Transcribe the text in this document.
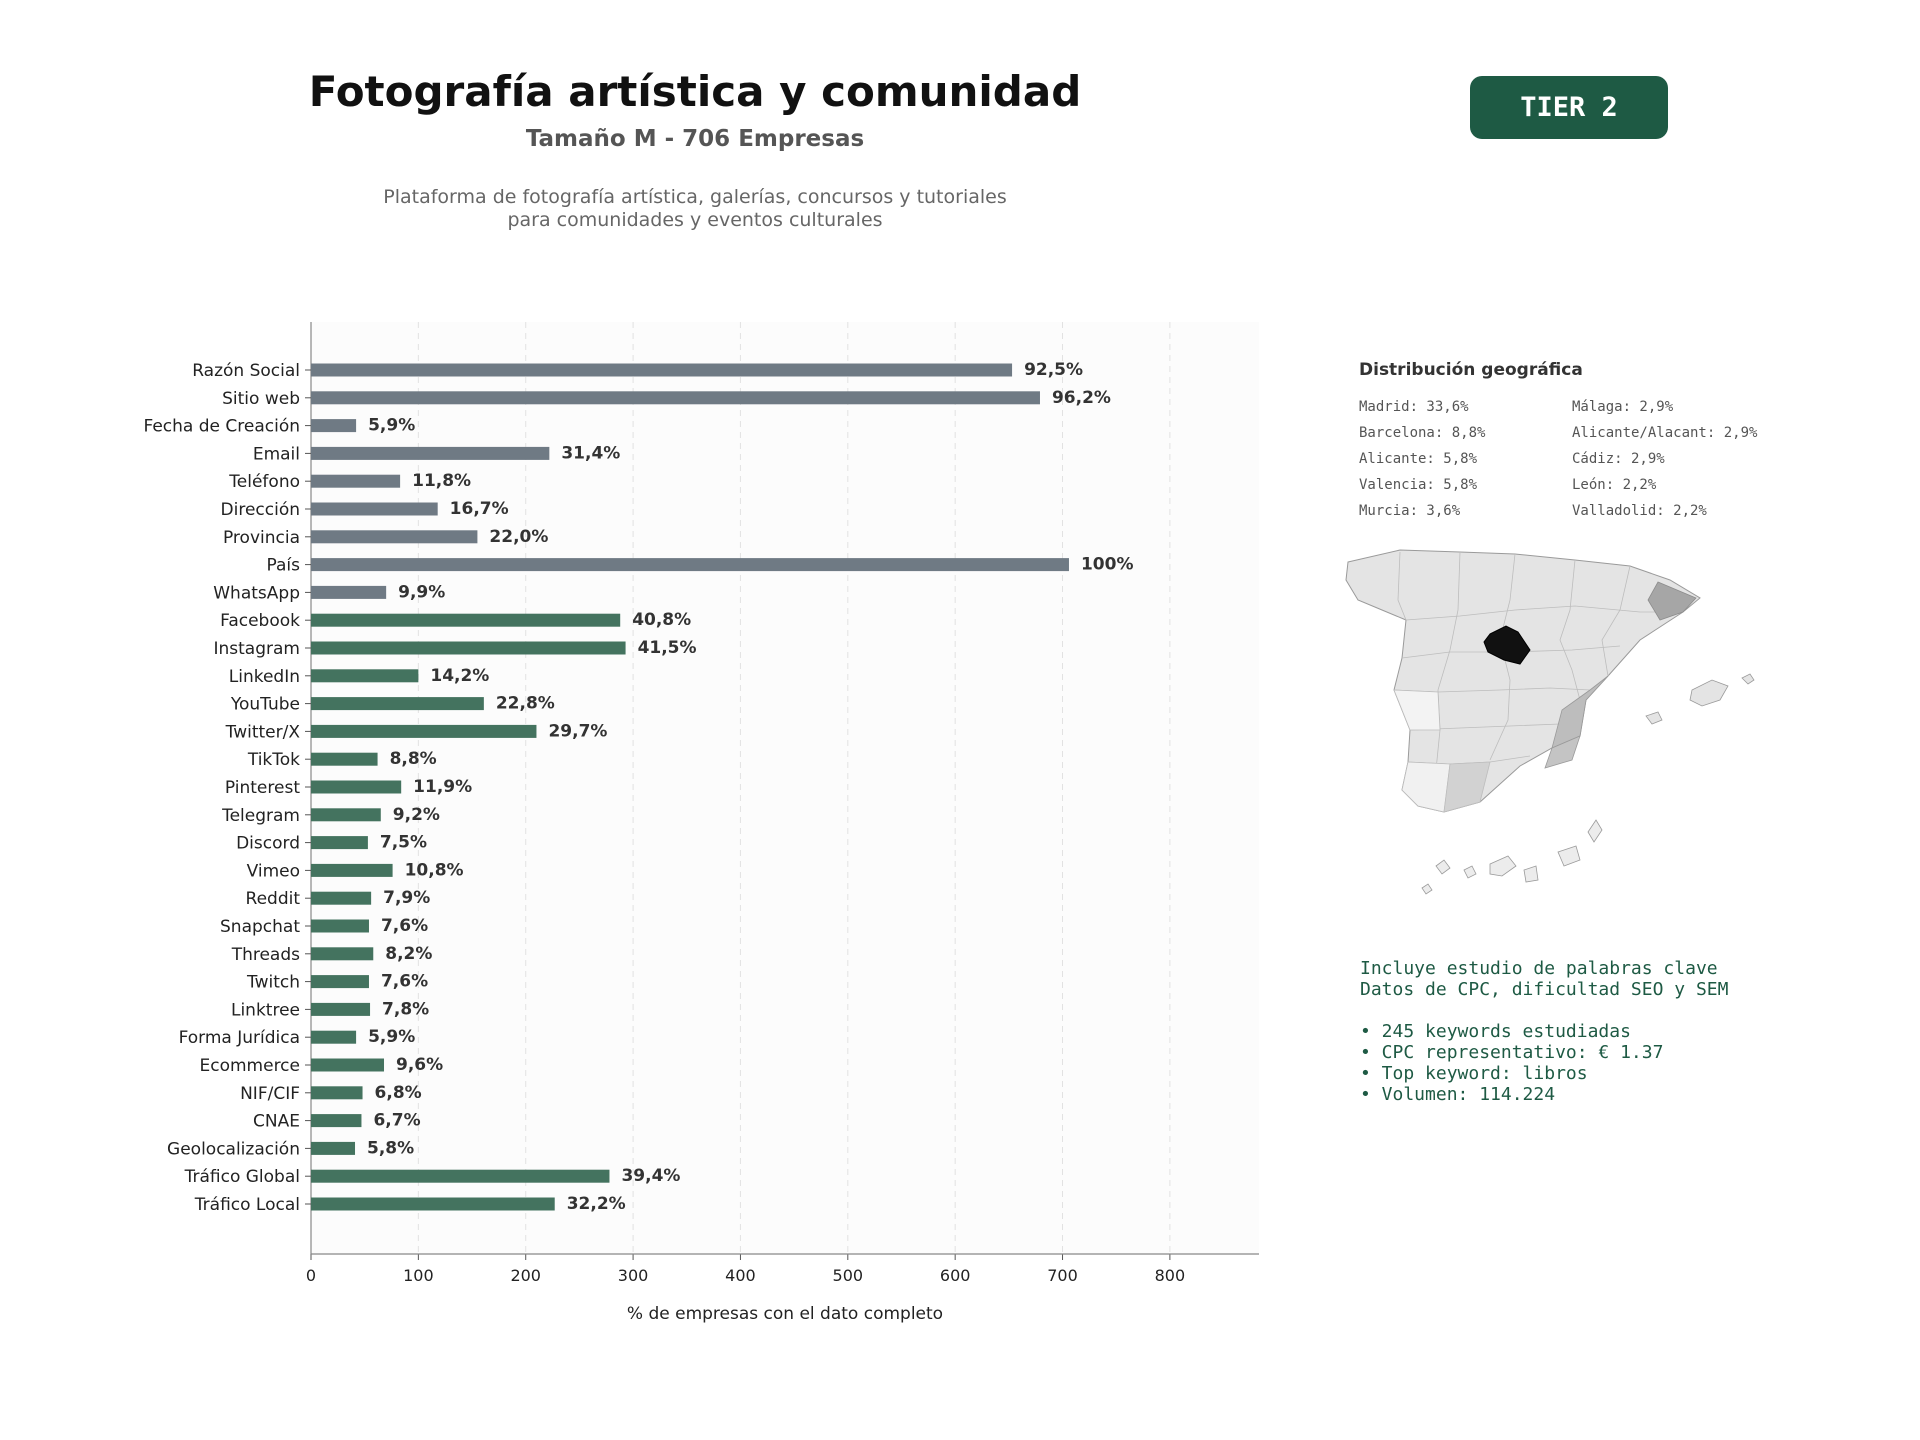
Fotografía artística y comunidad
Tamaño M - 706 Empresas
Plataforma de fotografía artística, galerías, concursos y tutoriales
para comunidades y eventos culturales
TIER 2
0	100	200	300	400	500	600	700	800
Razón Social	92,5%
Sitio web	96,2%
Fecha de Creación	5,9%
Email	31,4%
Teléfono	11,8%
Dirección	16,7%
Provincia	22,0%
País	100%
WhatsApp	9,9%
Facebook	40,8%
Instagram	41,5%
LinkedIn	14,2%
YouTube	22,8%
Twitter/X	29,7%
TikTok	8,8%
Pinterest	11,9%
Telegram	9,2%
Discord	7,5%
Vimeo	10,8%
Reddit	7,9%
Snapchat	7,6%
Threads	8,2%
Twitch	7,6%
Linktree	7,8%
Forma Jurídica	5,9%
Ecommerce	9,6%
NIF/CIF	6,8%
CNAE	6,7%
Geolocalización	5,8%
Tráfico Global	39,4%
Tráfico Local	32,2%
% de empresas con el dato completo
Distribución geográfica
Madrid: 33,6%	Málaga: 2,9%
Barcelona: 8,8%	Alicante/Alacant: 2,9%
Alicante: 5,8%	Cádiz: 2,9%
Valencia: 5,8%	León: 2,2%
Murcia: 3,6%	Valladolid: 2,2%
Incluye estudio de palabras clave
Datos de CPC, dificultad SEO y SEM
• 245 keywords estudiadas
• CPC representativo: € 1.37
• Top keyword: libros
• Volumen: 114.224
